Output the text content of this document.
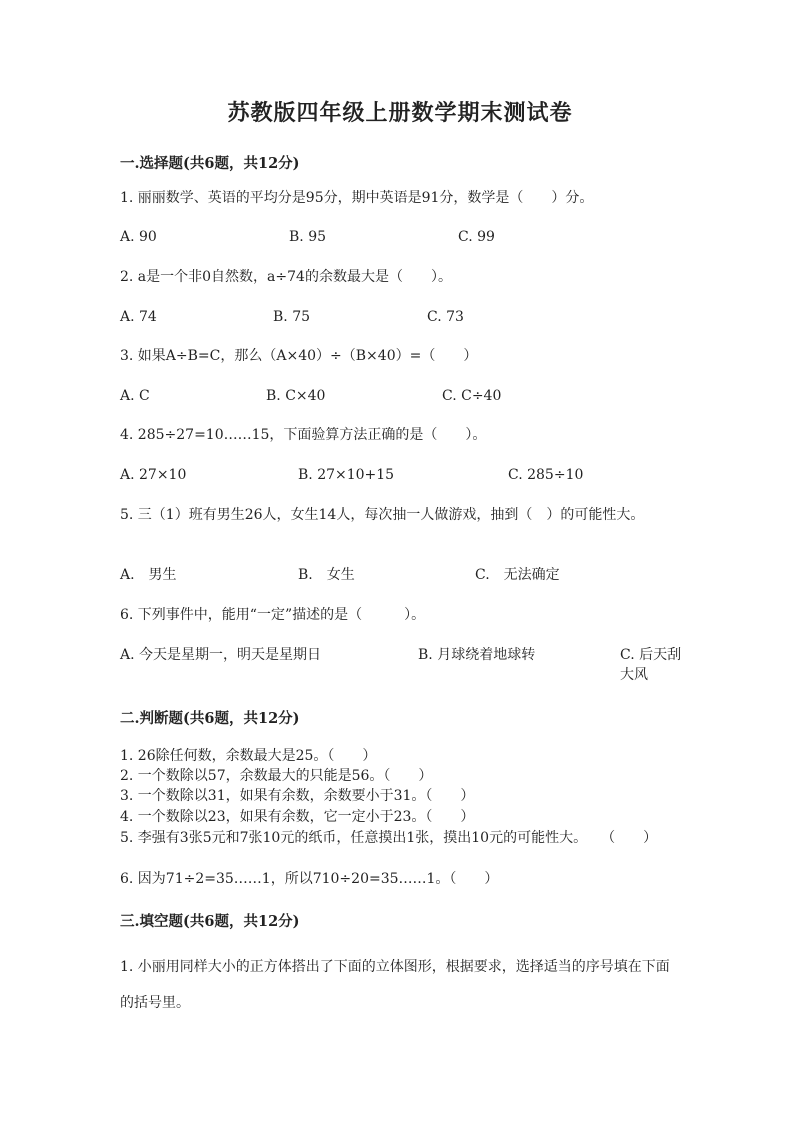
苏教版四年级上册数学期末测试卷
一.选择题(共6题，共12分)
1. 丽丽数学、英语的平均分是95分，期中英语是91分，数学是（　　）分。
A. 90	B. 95	C. 99
2. a是一个非0自然数，a÷74的余数最大是（　　）。
A. 74	B. 75	C. 73
3. 如果A÷B=C，那么（A×40）÷（B×40）=（　　）
A. C	B. C×40	C. C÷40
4. 285÷27=10……15，下面验算方法正确的是（　　）。
A. 27×10	B. 27×10+15	C. 285÷10
5. 三（1）班有男生26人，女生14人，每次抽一人做游戏，抽到（　）的可能性大。
A.　男生	B.　女生	C.　无法确定
6. 下列事件中，能用“一定”描述的是（　　　）。
A. 今天是星期一，明天是星期日	B. 月球绕着地球转	C. 后天刮大风
二.判断题(共6题，共12分)
1. 26除任何数，余数最大是25。（　　）
2. 一个数除以57，余数最大的只能是56。（　　）
3. 一个数除以31，如果有余数，余数要小于31。（　　）
4. 一个数除以23，如果有余数，它一定小于23。（　　）
5. 李强有3张5元和7张10元的纸币，任意摸出1张，摸出10元的可能性大。　　（　　）
6. 因为71÷2=35……1，所以710÷20=35……1。（　　）
三.填空题(共6题，共12分)
1. 小丽用同样大小的正方体搭出了下面的立体图形，根据要求，选择适当的序号填在下面的括号里。
